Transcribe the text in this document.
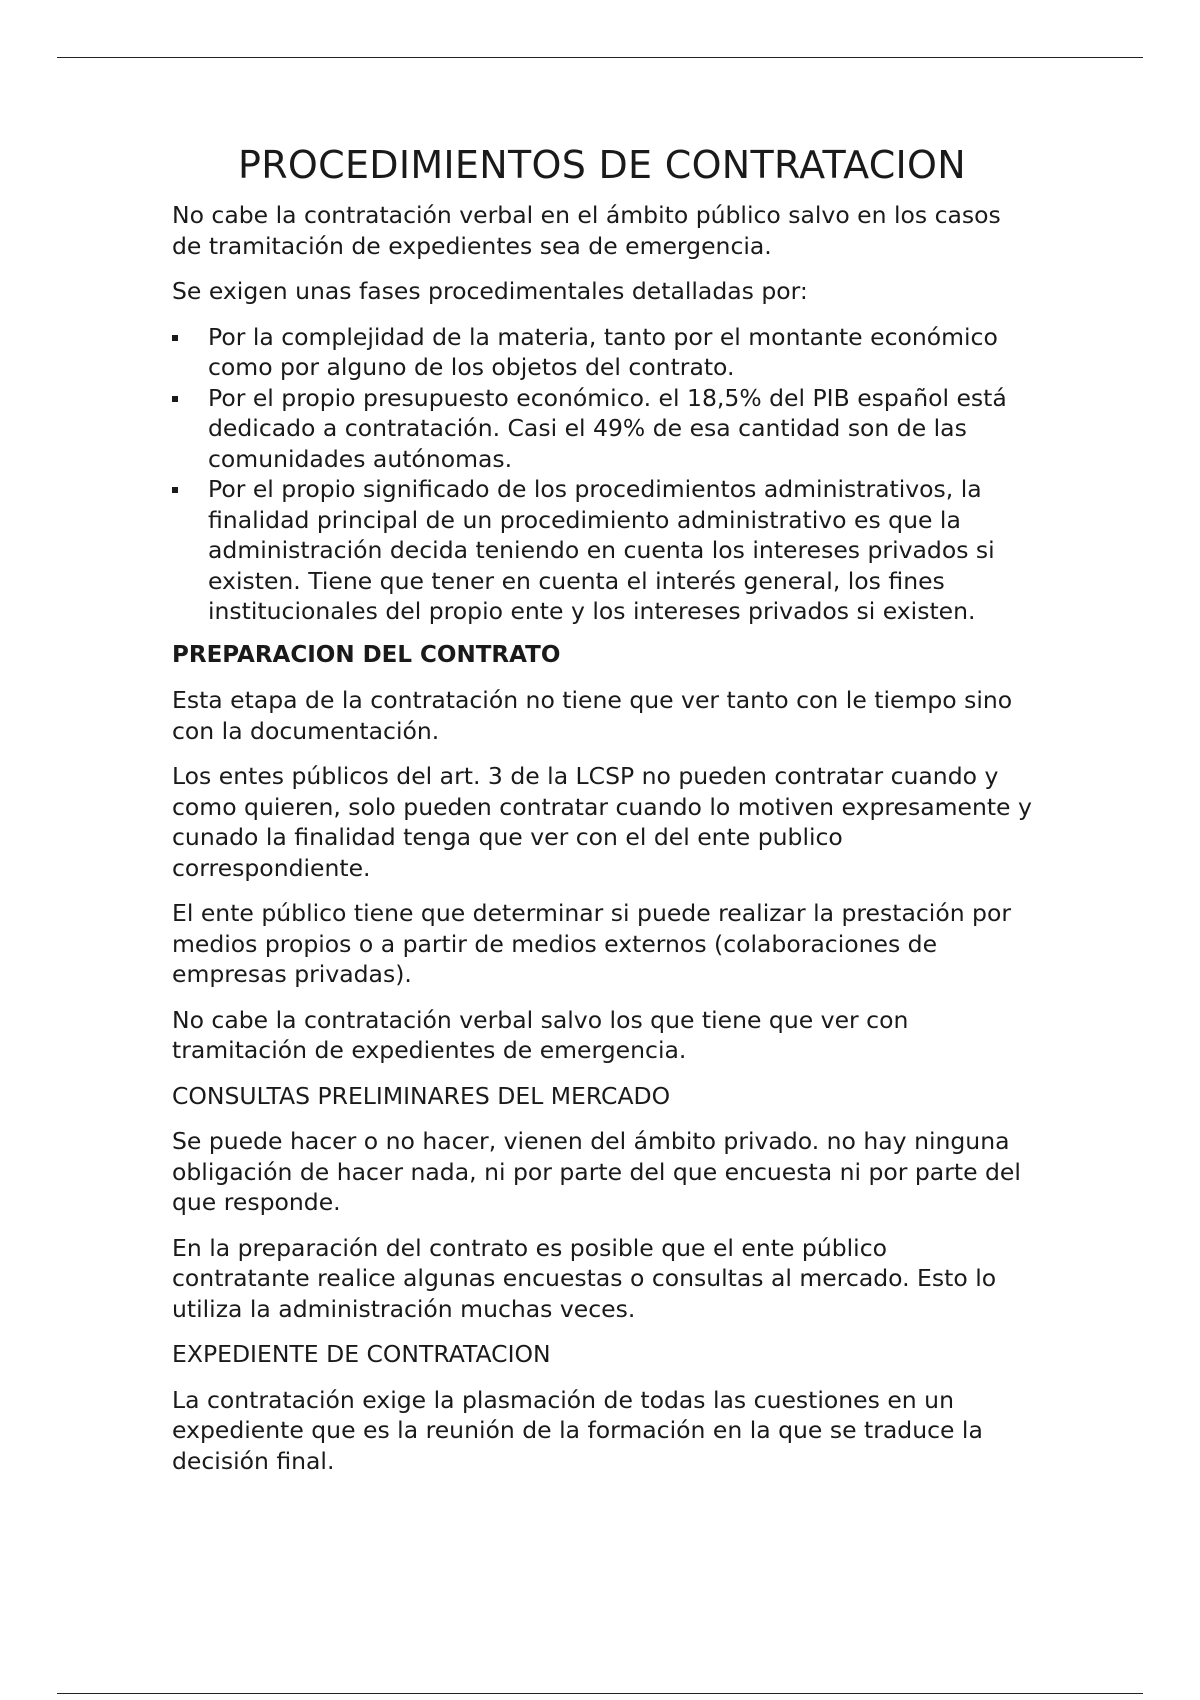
PROCEDIMIENTOS DE CONTRATACION

No cabe la contratación verbal en el ámbito público salvo en los casos de tramitación de expedientes sea de emergencia.

Se exigen unas fases procedimentales detalladas por:

Por la complejidad de la materia, tanto por el montante económico como por alguno de los objetos del contrato.
Por el propio presupuesto económico. el 18,5% del PIB español está dedicado a contratación. Casi el 49% de esa cantidad son de las comunidades autónomas.
Por el propio significado de los procedimientos administrativos, la finalidad principal de un procedimiento administrativo es que la administración decida teniendo en cuenta los intereses privados si existen. Tiene que tener en cuenta el interés general, los fines institucionales del propio ente y los intereses privados si existen.
PREPARACION DEL CONTRATO

Esta etapa de la contratación no tiene que ver tanto con le tiempo sino con la documentación.

Los entes públicos del art. 3 de la LCSP no pueden contratar cuando y como quieren, solo pueden contratar cuando lo motiven expresamente y cunado la finalidad tenga que ver con el del ente publico correspondiente.

El ente público tiene que determinar si puede realizar la prestación por medios propios o a partir de medios externos (colaboraciones de empresas privadas).

No cabe la contratación verbal salvo los que tiene que ver con tramitación de expedientes de emergencia.

CONSULTAS PRELIMINARES DEL MERCADO

Se puede hacer o no hacer, vienen del ámbito privado. no hay ninguna obligación de hacer nada, ni por parte del que encuesta ni por parte del que responde.

En la preparación del contrato es posible que el ente público contratante realice algunas encuestas o consultas al mercado. Esto lo utiliza la administración muchas veces.

EXPEDIENTE DE CONTRATACION

La contratación exige la plasmación de todas las cuestiones en un expediente que es la reunión de la formación en la que se traduce la decisión final.
